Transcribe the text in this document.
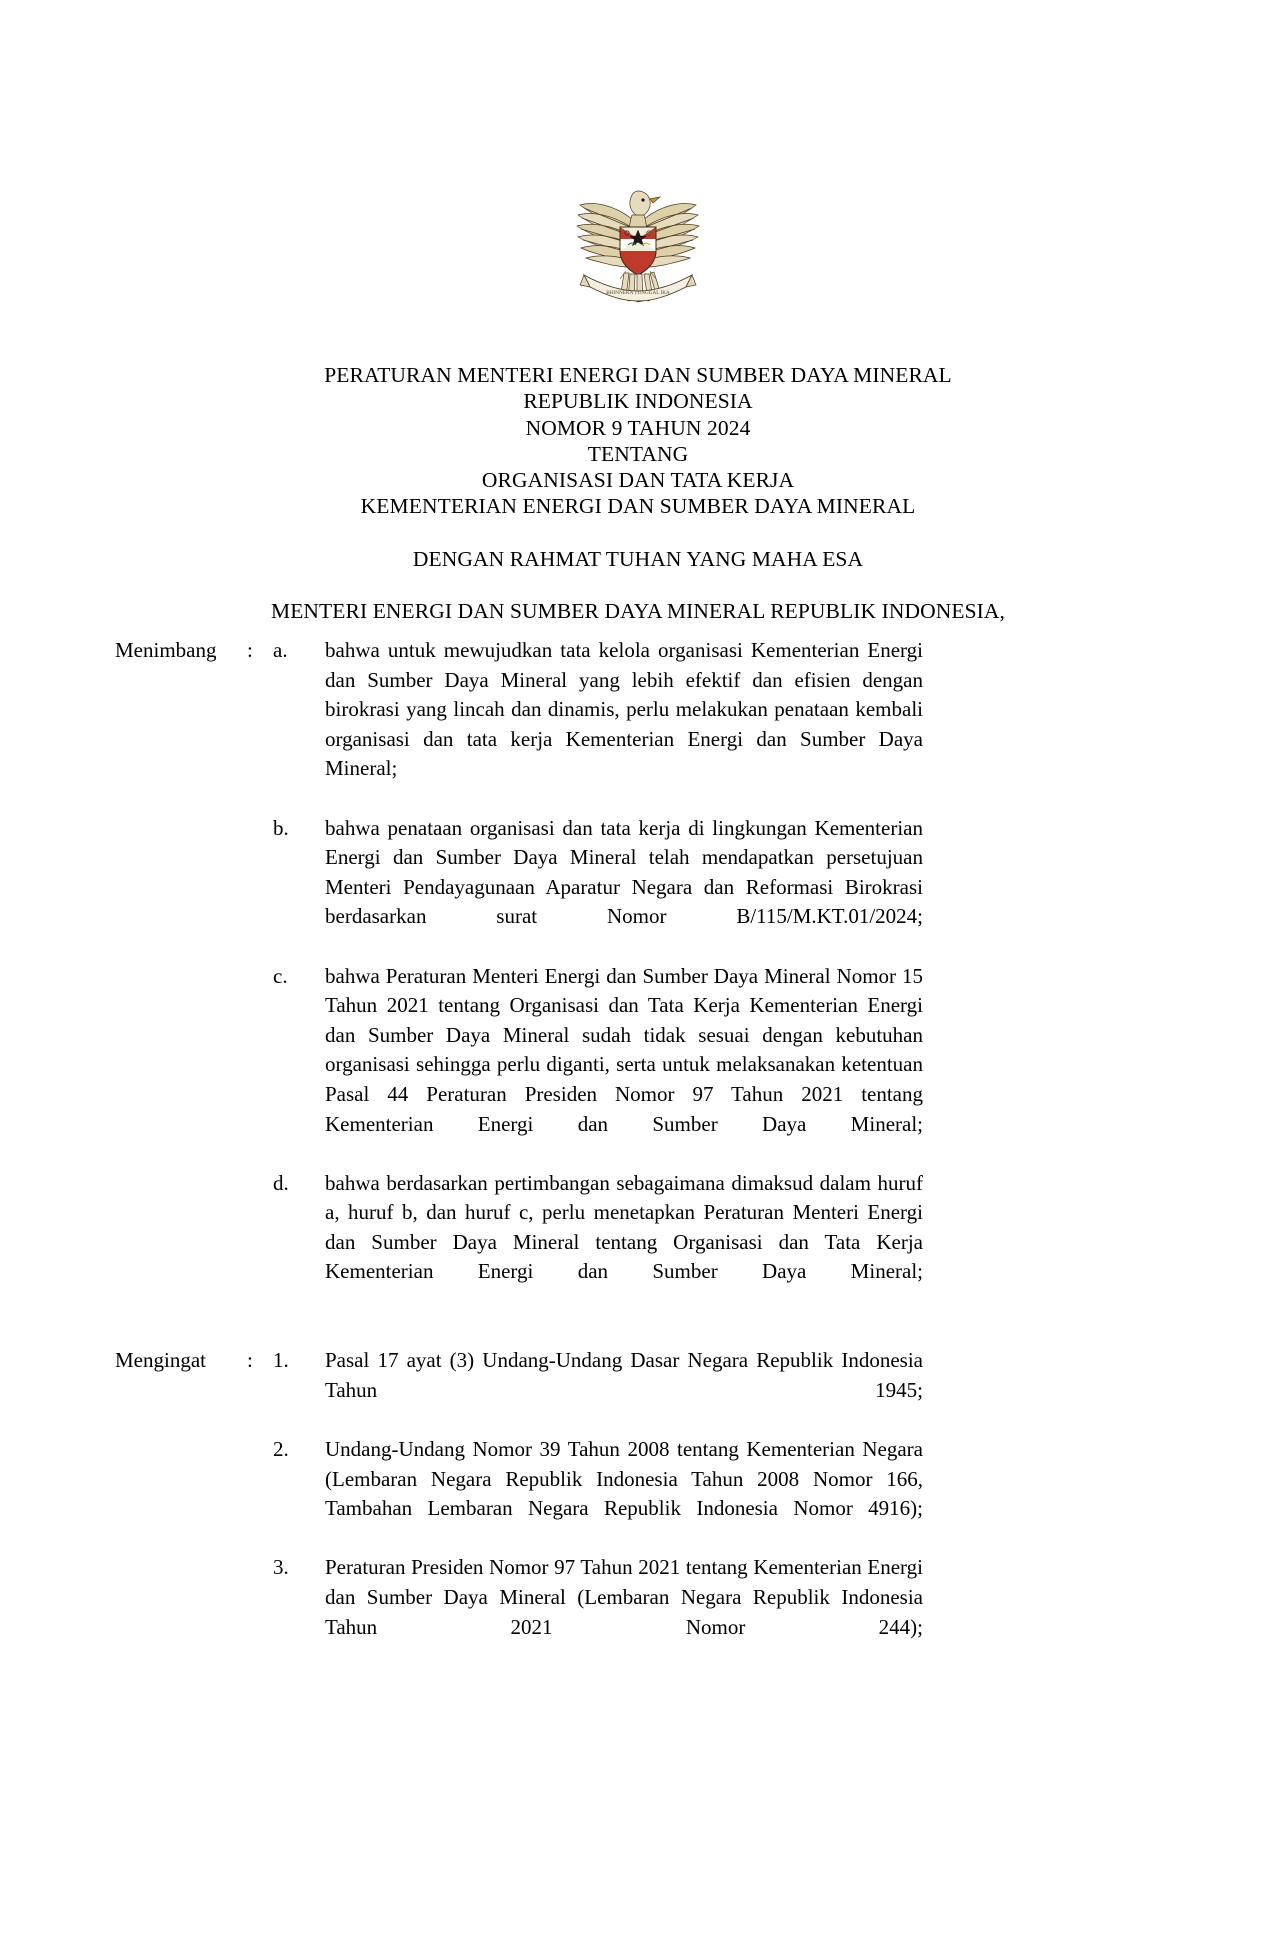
BHINNEKA TUNGGAL IKA
PERATURAN MENTERI ENERGI DAN SUMBER DAYA MINERAL
REPUBLIK INDONESIA
NOMOR 9 TAHUN 2024
TENTANG
ORGANISASI DAN TATA KERJA
KEMENTERIAN ENERGI DAN SUMBER DAYA MINERAL
DENGAN RAHMAT TUHAN YANG MAHA ESA
MENTERI ENERGI DAN SUMBER DAYA MINERAL REPUBLIK INDONESIA,
Menimbang	: a.	bahwa untuk mewujudkan tata kelola organisasi Kementerian Energi dan Sumber Daya Mineral yang lebih efektif dan efisien dengan birokrasi yang lincah dan dinamis, perlu melakukan penataan kembali organisasi dan tata kerja Kementerian Energi dan Sumber Daya Mineral;
b.	bahwa penataan organisasi dan tata kerja di lingkungan Kementerian Energi dan Sumber Daya Mineral telah mendapatkan persetujuan Menteri Pendayagunaan Aparatur Negara dan Reformasi Birokrasi berdasarkan surat Nomor B/115/M.KT.01/2024;
c.	bahwa Peraturan Menteri Energi dan Sumber Daya Mineral Nomor 15 Tahun 2021 tentang Organisasi dan Tata Kerja Kementerian Energi dan Sumber Daya Mineral sudah tidak sesuai dengan kebutuhan organisasi sehingga perlu diganti, serta untuk melaksanakan ketentuan Pasal 44 Peraturan Presiden Nomor 97 Tahun 2021 tentang Kementerian Energi dan Sumber Daya Mineral;
d.	bahwa berdasarkan pertimbangan sebagaimana dimaksud dalam huruf a, huruf b, dan huruf c, perlu menetapkan Peraturan Menteri Energi dan Sumber Daya Mineral tentang Organisasi dan Tata Kerja Kementerian Energi dan Sumber Daya Mineral;
Mengingat	: 1.	Pasal 17 ayat (3) Undang-Undang Dasar Negara Republik Indonesia Tahun 1945;
2.	Undang-Undang Nomor 39 Tahun 2008 tentang Kementerian Negara (Lembaran Negara Republik Indonesia Tahun 2008 Nomor 166, Tambahan Lembaran Negara Republik Indonesia Nomor 4916);
3.	Peraturan Presiden Nomor 97 Tahun 2021 tentang Kementerian Energi dan Sumber Daya Mineral (Lembaran Negara Republik Indonesia Tahun 2021 Nomor 244);
